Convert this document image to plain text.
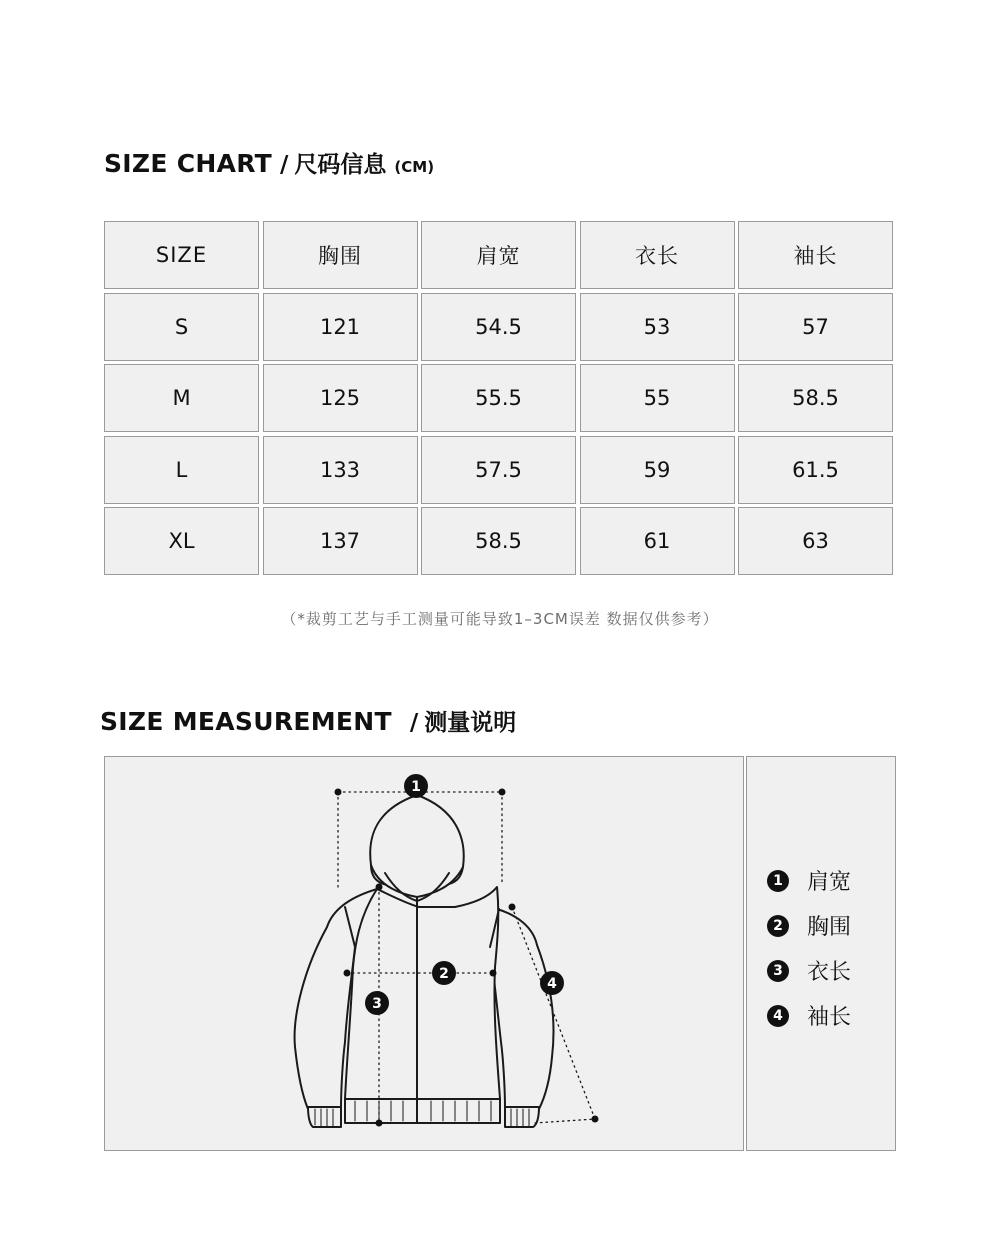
SIZE CHART / 尺码信息 (CM)
SIZE	胸围	肩宽	衣长	袖长
S	121	54.5	53	57
M	125	55.5	55	58.5
L	133	57.5	59	61.5
XL	137	58.5	61	63
（*裁剪工艺与手工测量可能导致1–3CM误差 数据仅供参考）
SIZE MEASUREMENT / 测量说明
1
2
3
4
1 肩宽
2 胸围
3 衣长
4 袖长
